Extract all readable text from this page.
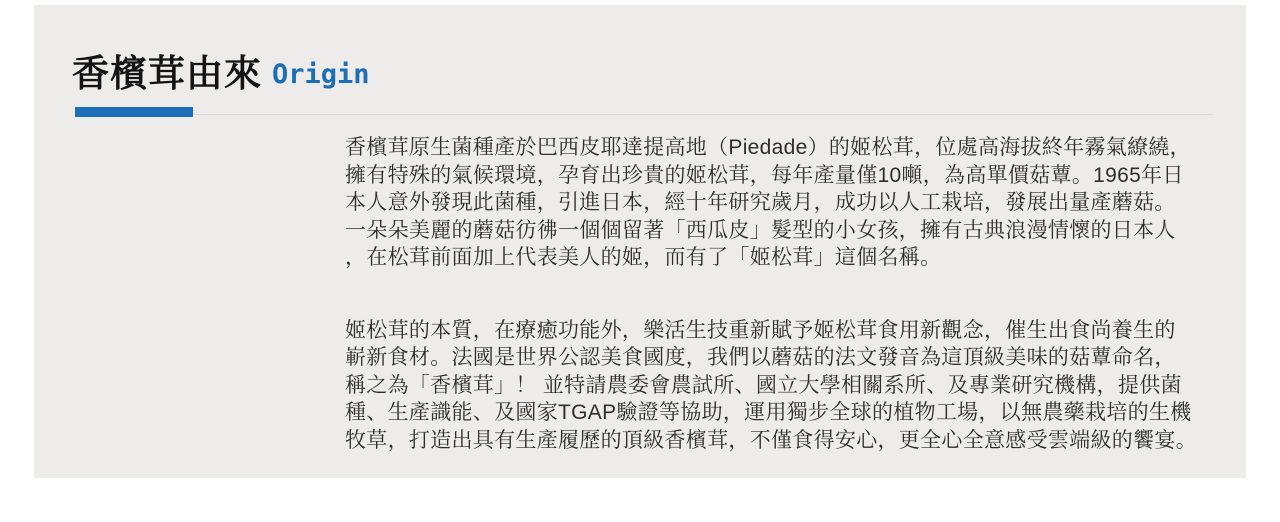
香檳茸由來 Origin
香檳茸原生菌種產於巴西皮耶達提高地（Piedade）的姬松茸，位處高海拔終年霧氣繚繞，
擁有特殊的氣候環境，孕育出珍貴的姬松茸，每年產量僅10噸，為高單價菇蕈。1965年日
本人意外發現此菌種，引進日本，經十年研究歲月，成功以人工栽培，發展出量產蘑菇。
一朵朵美麗的蘑菇彷彿一個個留著「西瓜皮」髮型的小女孩，擁有古典浪漫情懷的日本人
，在松茸前面加上代表美人的姬，而有了「姬松茸」這個名稱。
姬松茸的本質，在療癒功能外，樂活生技重新賦予姬松茸食用新觀念，催生出食尚養生的
嶄新食材。法國是世界公認美食國度，我們以蘑菇的法文發音為這頂級美味的菇蕈命名，
稱之為「香檳茸」！ 並特請農委會農試所、國立大學相關系所、及專業研究機構，提供菌
種、生產識能、及國家TGAP驗證等協助，運用獨步全球的植物工場，以無農藥栽培的生機
牧草，打造出具有生產履歷的頂級香檳茸，不僅食得安心，更全心全意感受雲端級的饗宴。
